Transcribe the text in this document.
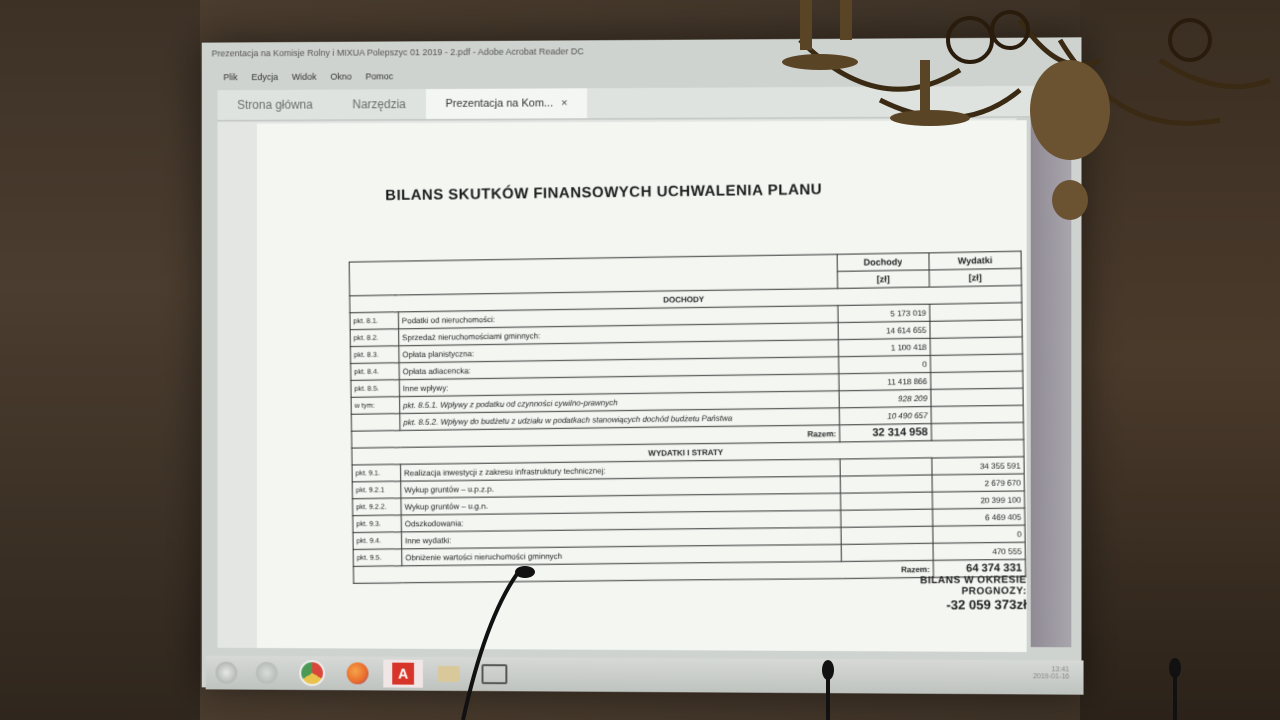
Prezentacja na Komisje Rolny i MIXUA Polepszyc 01 2019 - 2.pdf - Adobe Acrobat Reader DC
Plik Edycja Widok Okno Pomoc
Strona główna	Narzędzia	Prezentacja na Kom... ×
BILANS SKUTKÓW FINANSOWYCH UCHWALENIA PLANU
		Dochody	Wydatki
		[zł]	[zł]
DOCHODY			
pkt. 8.1.	Podatki od nieruchomości:	5 173 019	
pkt. 8.2.	Sprzedaż nieruchomościami gminnych:	14 614 655	
pkt. 8.3.	Opłata planistyczna:	1 100 418	
pkt. 8.4.	Opłata adiacencka:	0	
pkt. 8.5.	Inne wpływy:	11 418 866	
w tym:	pkt. 8.5.1. Wpływy z podatku od czynności cywilno-prawnych	928 209	
	pkt. 8.5.2. Wpływy do budżetu z udziału w podatkach stanowiących dochód budżetu Państwa	10 490 657	
Razem:		32 314 958	
WYDATKI I STRATY			
pkt. 9.1.	Realizacja inwestycji z zakresu infrastruktury technicznej:		34 355 591
pkt. 9.2.1	Wykup gruntów – u.p.z.p.		2 679 670
pkt. 9.2.2.	Wykup gruntów – u.g.n.		20 399 100
pkt. 9.3.	Odszkodowania:		6 469 405
pkt. 9.4.	Inne wydatki:		0
pkt. 9.5.	Obniżenie wartości nieruchomości gminnych		470 555
Razem:			64 374 331
BILANS W OKRESIE PROGNOZY:
-32 059 373zł
A	13:41
2019-01-16
